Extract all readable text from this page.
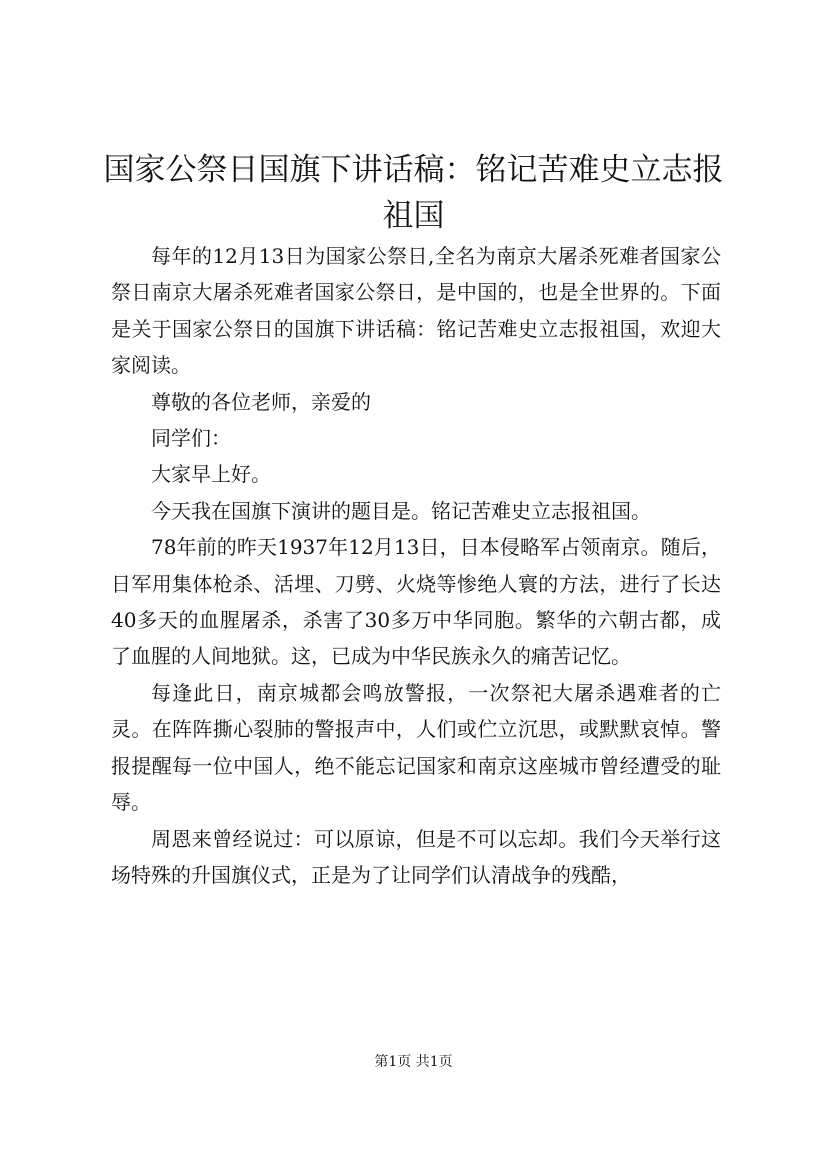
国家公祭日国旗下讲话稿：铭记苦难史立志报祖国

每年的12月13日为国家公祭日,全名为南京大屠杀死难者国家公祭日南京大屠杀死难者国家公祭日，是中国的，也是全世界的。下面是关于国家公祭日的国旗下讲话稿：铭记苦难史立志报祖国，欢迎大家阅读。

尊敬的各位老师，亲爱的

同学们：

大家早上好。

今天我在国旗下演讲的题目是。铭记苦难史立志报祖国。

78年前的昨天1937年12月13日，日本侵略军占领南京。随后，日军用集体枪杀、活埋、刀劈、火烧等惨绝人寰的方法，进行了长达40多天的血腥屠杀，杀害了30多万中华同胞。繁华的六朝古都，成了血腥的人间地狱。这，已成为中华民族永久的痛苦记忆。

每逢此日，南京城都会鸣放警报，一次祭祀大屠杀遇难者的亡灵。在阵阵撕心裂肺的警报声中，人们或伫立沉思，或默默哀悼。警报提醒每一位中国人，绝不能忘记国家和南京这座城市曾经遭受的耻辱。

周恩来曾经说过：可以原谅，但是不可以忘却。我们今天举行这场特殊的升国旗仪式，正是为了让同学们认清战争的残酷，

第1页 共1页
